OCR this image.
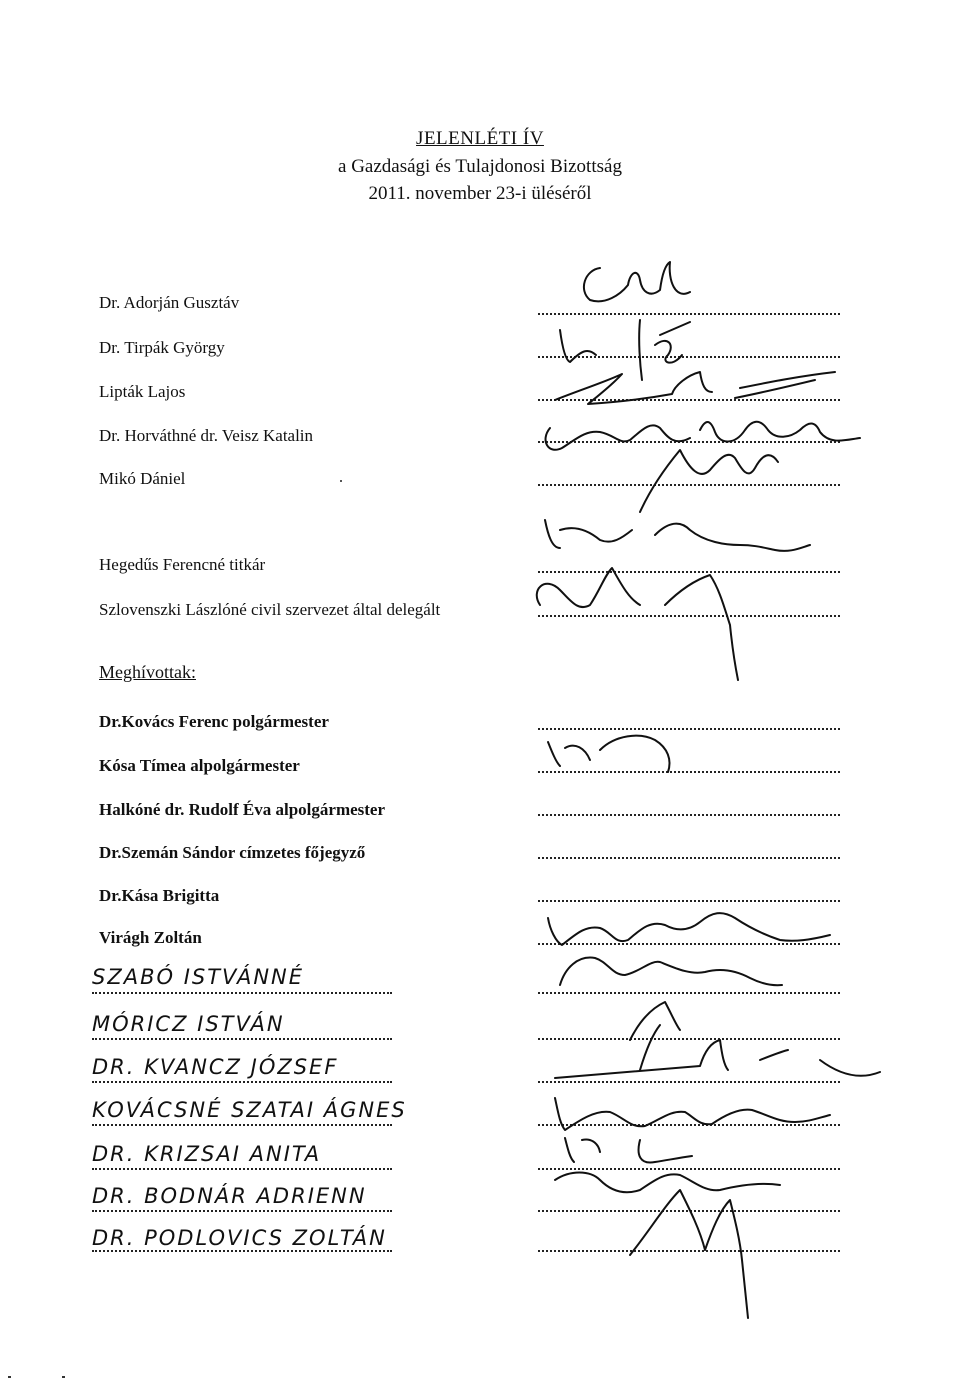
JELENLÉTI ÍV
a Gazdasági és Tulajdonosi Bizottság
2011. november 23-i üléséről
Dr. Adorján Gusztáv
Dr. Tirpák György
Lipták Lajos
Dr. Horváthné dr. Veisz Katalin
Mikó Dániel
Hegedűs Ferencné titkár
Szlovenszki Lászlóné civil szervezet által delegált
Meghívottak:
Dr.Kovács Ferenc polgármester
Kósa Tímea alpolgármester
Halkóné dr. Rudolf Éva alpolgármester
Dr.Szemán Sándor címzetes főjegyző
Dr.Kása Brigitta
Virágh Zoltán
SZABÓ ISTVÁNNÉ
MÓRICZ ISTVÁN
DR. KVANCZ JÓZSEF
KOVÁCSNÉ SZATAI ÁGNES
DR. KRIZSAI ANITA
DR. BODNÁR ADRIENN
DR. PODLOVICS ZOLTÁN
